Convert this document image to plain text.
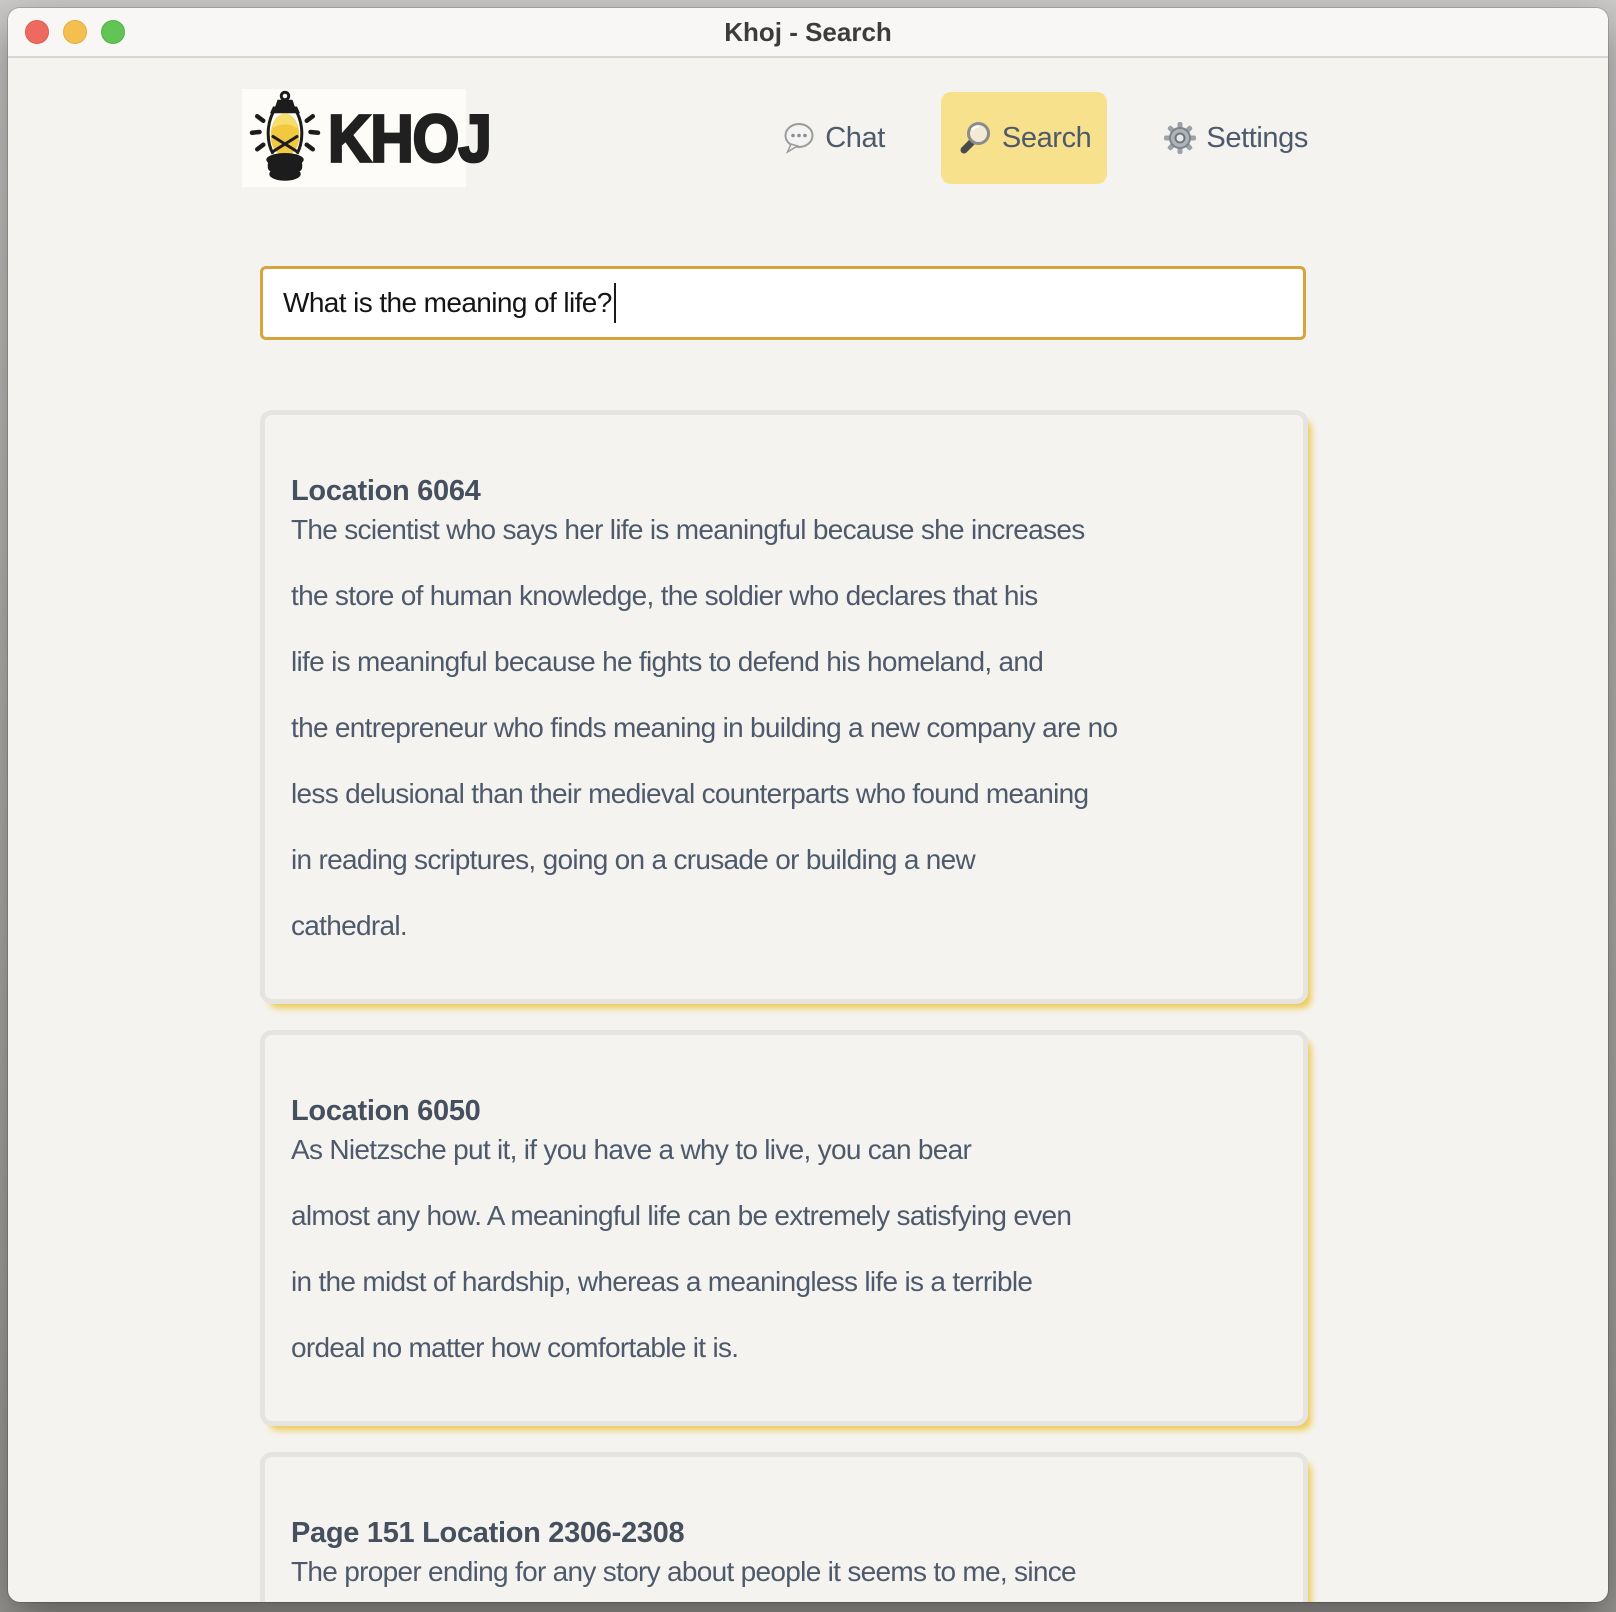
Khoj - Search
KHOJ	Chat	Search	Settings
What is the meaning of life?
Location 6064

The scientist who says her life is meaningful because she increases

the store of human knowledge, the soldier who declares that his

life is meaningful because he fights to defend his homeland, and

the entrepreneur who finds meaning in building a new company are no

less delusional than their medieval counterparts who found meaning

in reading scriptures, going on a crusade or building a new

cathedral.

Location 6050

As Nietzsche put it, if you have a why to live, you can bear

almost any how. A meaningful life can be extremely satisfying even

in the midst of hardship, whereas a meaningless life is a terrible

ordeal no matter how comfortable it is.

Page 151 Location 2306-2308

The proper ending for any story about people it seems to me, since
